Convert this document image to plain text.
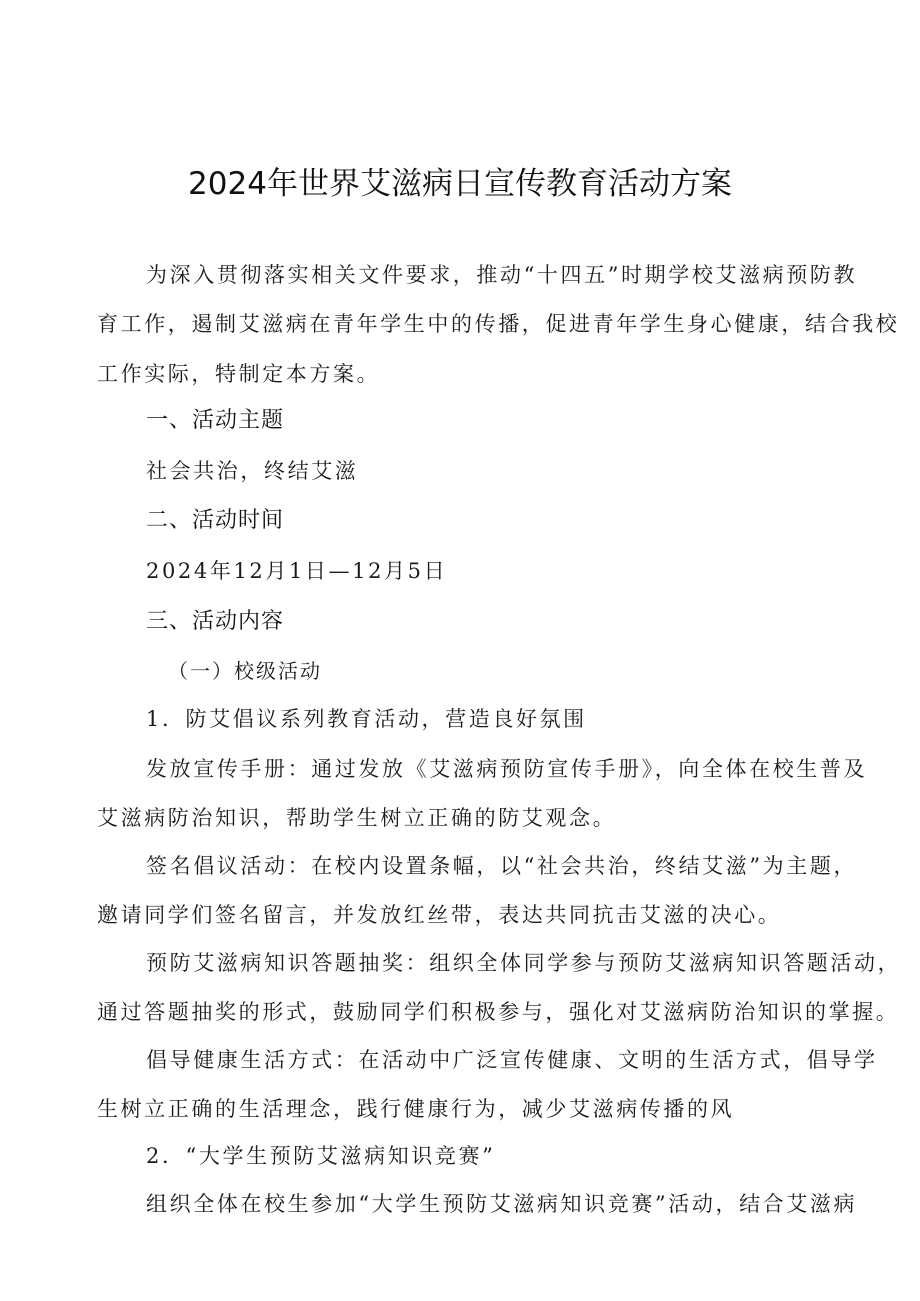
2024年世界艾滋病日宣传教育活动方案
为深入贯彻落实相关文件要求，推动“十四五”时期学校艾滋病预防教
育工作，遏制艾滋病在青年学生中的传播，促进青年学生身心健康，结合我校
工作实际，特制定本方案。
一、活动主题
社会共治，终结艾滋
二、活动时间
2024年12月1日—12月5日
三、活动内容
（一）校级活动
1．防艾倡议系列教育活动，营造良好氛围
发放宣传手册：通过发放《艾滋病预防宣传手册》，向全体在校生普及
艾滋病防治知识，帮助学生树立正确的防艾观念。
签名倡议活动：在校内设置条幅，以“社会共治，终结艾滋”为主题，
邀请同学们签名留言，并发放红丝带，表达共同抗击艾滋的决心。
预防艾滋病知识答题抽奖：组织全体同学参与预防艾滋病知识答题活动，
通过答题抽奖的形式，鼓励同学们积极参与，强化对艾滋病防治知识的掌握。
倡导健康生活方式：在活动中广泛宣传健康、文明的生活方式，倡导学
生树立正确的生活理念，践行健康行为，减少艾滋病传播的风
2．“大学生预防艾滋病知识竞赛”
组织全体在校生参加“大学生预防艾滋病知识竞赛”活动，结合艾滋病
